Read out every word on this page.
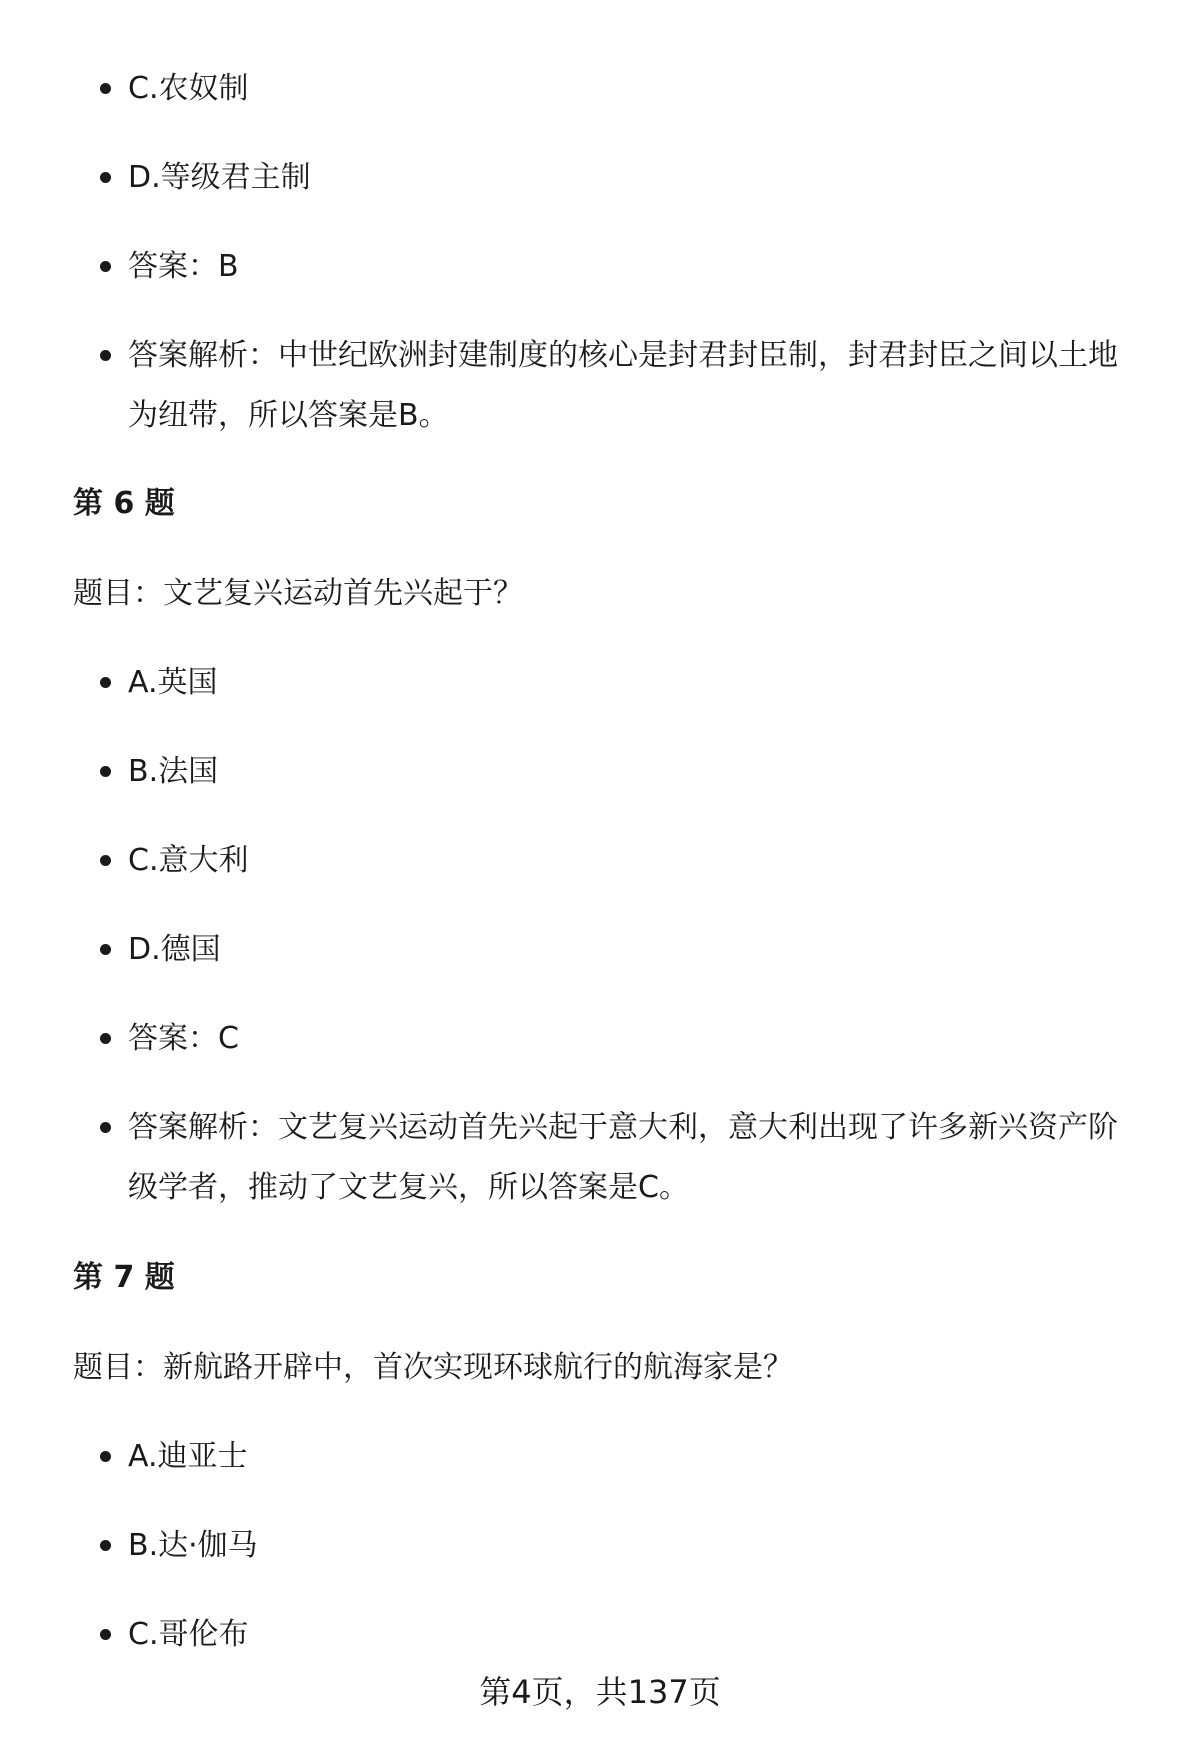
C.农奴制
D.等级君主制
答案：B
答案解析：中世纪欧洲封建制度的核心是封君封臣制，封君封臣之间以土地为纽带，所以答案是B。
第 6 题
题目：文艺复兴运动首先兴起于？
A.英国
B.法国
C.意大利
D.德国
答案：C
答案解析：文艺复兴运动首先兴起于意大利，意大利出现了许多新兴资产阶级学者，推动了文艺复兴，所以答案是C。
第 7 题
题目：新航路开辟中，首次实现环球航行的航海家是？
A.迪亚士
B.达·伽马
C.哥伦布
第4页，共137页
